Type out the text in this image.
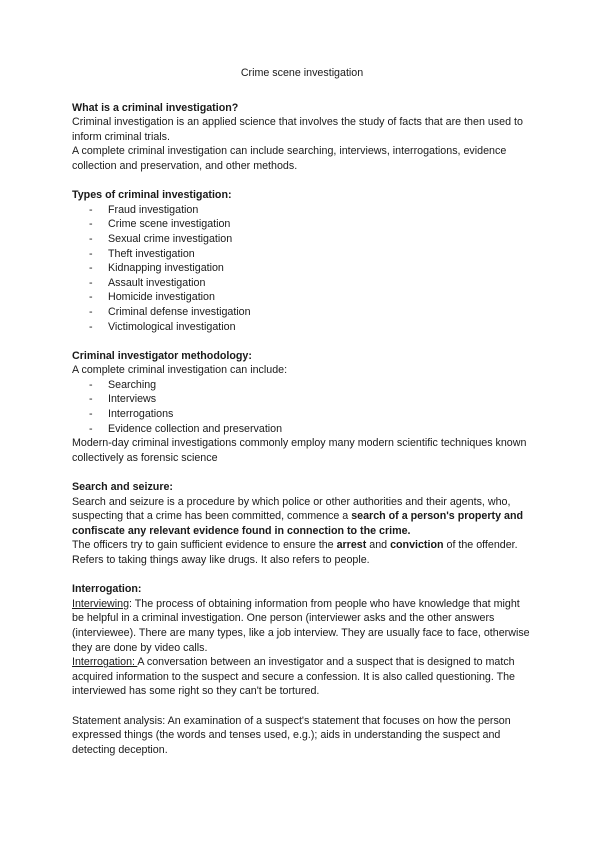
Crime scene investigation

What is a criminal investigation?

Criminal investigation is an applied science that involves the study of facts that are then used to inform criminal trials.

A complete criminal investigation can include searching, interviews, interrogations, evidence collection and preservation, and other methods.

Types of criminal investigation:
- Fraud investigation
- Crime scene investigation
- Sexual crime investigation
- Theft investigation
- Kidnapping investigation
- Assault investigation
- Homicide investigation
- Criminal defense investigation
- Victimological investigation
Criminal investigator methodology:

A complete criminal investigation can include:

- Searching
- Interviews
- Interrogations
- Evidence collection and preservation

Modern-day criminal investigations commonly employ many modern scientific techniques known collectively as forensic science

Search and seizure:

Search and seizure is a procedure by which police or other authorities and their agents, who, suspecting that a crime has been committed, commence a search of a person's property and confiscate any relevant evidence found in connection to the crime.

The officers try to gain sufficient evidence to ensure the arrest and conviction of the offender.

Refers to taking things away like drugs. It also refers to people.

Interrogation:

Interviewing: The process of obtaining information from people who have knowledge that might be helpful in a criminal investigation. One person (interviewer asks and the other answers (interviewee). There are many types, like a job interview. They are usually face to face, otherwise they are done by video calls.

Interrogation: A conversation between an investigator and a suspect that is designed to match acquired information to the suspect and secure a confession. It is also called questioning. The interviewed has some right so they can't be tortured.

Statement analysis: An examination of a suspect's statement that focuses on how the person expressed things (the words and tenses used, e.g.); aids in understanding the suspect and detecting deception.
